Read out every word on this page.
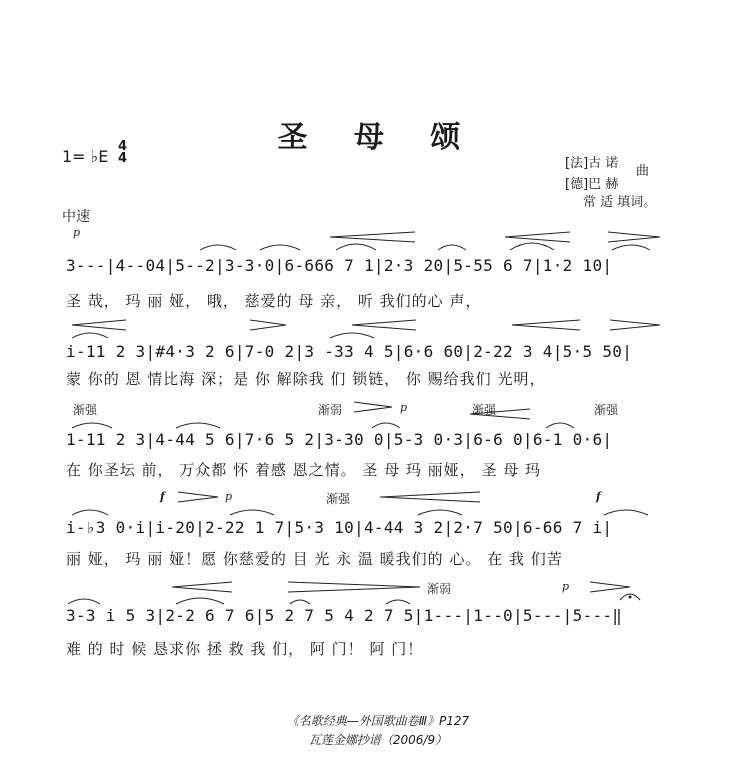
圣 母 颂
1= ♭E
4
4	[法]古 诺
曲
[德]巴 赫
常 适 填词。
中速
p
渐强	渐弱	p	渐强	渐强
f	p	渐强	f
渐弱	p
3---|4--04|5--2|3-3·0|6-666 7 1|2·3 20|5-55 6 7|1·2 10|
圣 哉， 玛 丽 娅， 哦， 慈爱的 母 亲， 听 我们的心 声，
i-11 2 3|#4·3 2 6|7-0 2|3 -33 4 5|6·6 60|2-22 3 4|5·5 50|
蒙 你的 恩 情比海 深；是 你 解除我 们 锁链， 你 赐给我们 光明，
1-11 2 3|4-44 5 6|7·6 5 2|3-30 0|5-3 0·3|6-6 0|6-1 0·6|
在 你圣坛 前， 万众都 怀 着感 恩之情。 圣 母 玛 丽娅， 圣 母 玛
i-♭3 0·i|i-20|2-22 1 7|5·3 10|4-44 3 2|2·7 50|6-66 7 i|
丽 娅， 玛 丽 娅！愿 你慈爱的 目 光 永 温 暖我们的 心。 在 我 们苦
3-3 i 5 3|2-2 6 7 6|5 2 7 5 4 2 7 5|1---|1--0|5---|5---‖
难 的 时 候 恳求你 拯 救 我 们， 阿 门！ 阿 门！
《名歌经典—外国歌曲卷Ⅲ》P127
瓦莲金娜抄谱（2006/9）
